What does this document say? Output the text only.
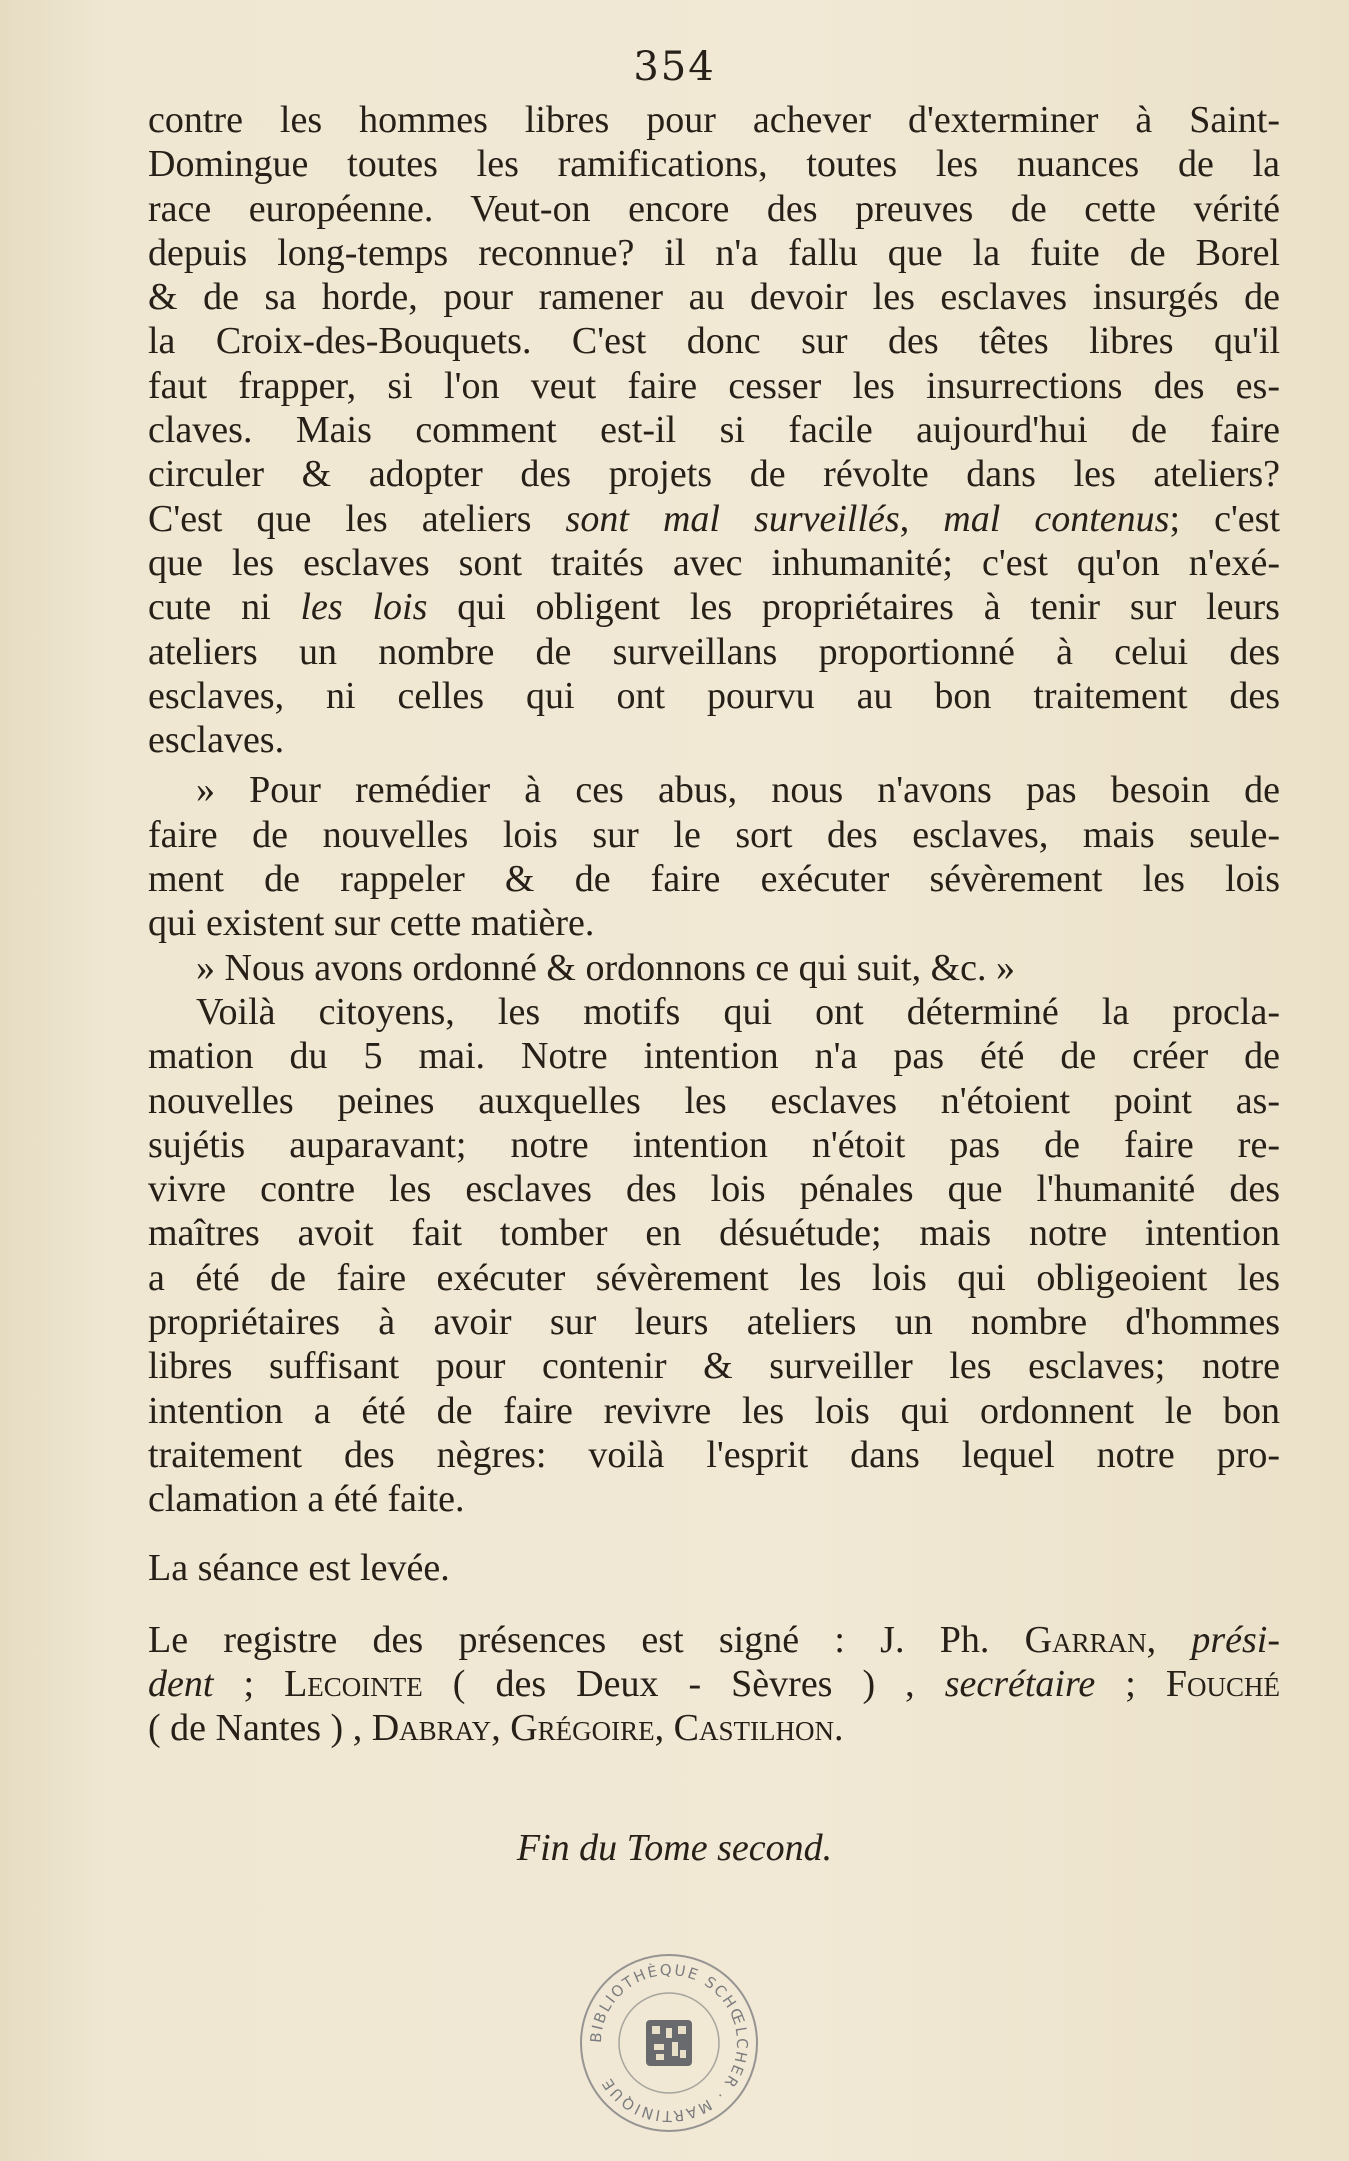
354
contre les hommes libres pour achever d'exterminer à Saint-
Domingue toutes les ramifications, toutes les nuances de la
race européenne. Veut-on encore des preuves de cette vérité
depuis long-temps reconnue? il n'a fallu que la fuite de Borel
& de sa horde, pour ramener au devoir les esclaves insurgés de
la Croix-des-Bouquets. C'est donc sur des têtes libres qu'il
faut frapper, si l'on veut faire cesser les insurrections des es-
claves. Mais comment est-il si facile aujourd'hui de faire
circuler & adopter des projets de révolte dans les ateliers?
C'est que les ateliers sont mal surveillés, mal contenus; c'est
que les esclaves sont traités avec inhumanité; c'est qu'on n'exé-
cute ni les lois qui obligent les propriétaires à tenir sur leurs
ateliers un nombre de surveillans proportionné à celui des
esclaves, ni celles qui ont pourvu au bon traitement des
esclaves.
» Pour remédier à ces abus, nous n'avons pas besoin de
faire de nouvelles lois sur le sort des esclaves, mais seule-
ment de rappeler & de faire exécuter sévèrement les lois
qui existent sur cette matière.
» Nous avons ordonné & ordonnons ce qui suit, &c. »
Voilà citoyens, les motifs qui ont déterminé la procla-
mation du 5 mai. Notre intention n'a pas été de créer de
nouvelles peines auxquelles les esclaves n'étoient point as-
sujétis auparavant; notre intention n'étoit pas de faire re-
vivre contre les esclaves des lois pénales que l'humanité des
maîtres avoit fait tomber en désuétude; mais notre intention
a été de faire exécuter sévèrement les lois qui obligeoient les
propriétaires à avoir sur leurs ateliers un nombre d'hommes
libres suffisant pour contenir & surveiller les esclaves; notre
intention a été de faire revivre les lois qui ordonnent le bon
traitement des nègres: voilà l'esprit dans lequel notre pro-
clamation a été faite.
La séance est levée.
Le registre des présences est signé : J. Ph. Garran, prési-
dent ; Lecointe ( des Deux - Sèvres ) , secrétaire ; Fouché
( de Nantes ) , Dabray, Grégoire, Castilhon.
Fin du Tome second.
BIBLIOTHÈQUE SCHŒLCHER · MARTINIQUE
